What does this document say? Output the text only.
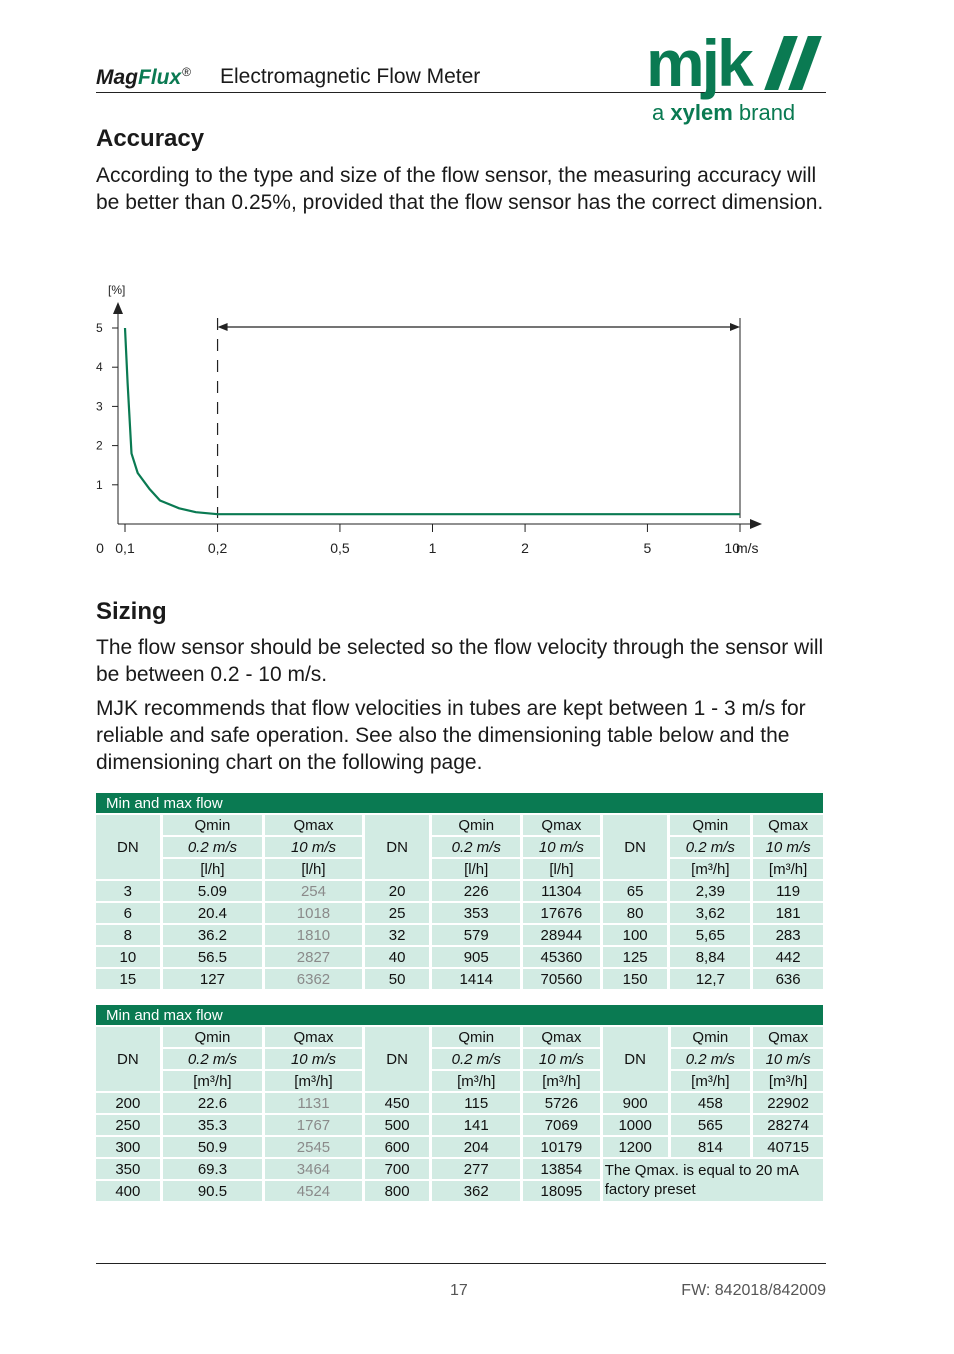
MagFlux® Electromagnetic Flow Meter	mjk
a xylem brand
Accuracy

According to the type and size of the flow sensor, the measuring accuracy will be better than 0.25%, provided that the flow sensor has the correct dimension.

[%]
m/s
1
2
3
4
5
0 0,1	0,2	0,5	1	2	5	10
Sizing

The flow sensor should be selected so the flow velocity through the sensor will be between 0.2 - 10 m/s.

MJK recommends that flow velocities in tubes are kept between 1 - 3 m/s for reliable and safe operation. See also the dimensioning table below and the dimensioning chart on the following page.

Min and max flow								
DN	Qmin	Qmax	DN	Qmin	Qmax	DN	Qmin	Qmax
	0.2 m/s	10 m/s		0.2 m/s	10 m/s		0.2 m/s	10 m/s
	[l/h]	[l/h]		[l/h]	[l/h]		[m³/h]	[m³/h]
3	5.09	254	20	226	11304	65	2,39	119
6	20.4	1018	25	353	17676	80	3,62	181
8	36.2	1810	32	579	28944	100	5,65	283
10	56.5	2827	40	905	45360	125	8,84	442
15	127	6362	50	1414	70560	150	12,7	636
Min and max flow								
DN	Qmin	Qmax	DN	Qmin	Qmax	DN	Qmin	Qmax
	0.2 m/s	10 m/s		0.2 m/s	10 m/s		0.2 m/s	10 m/s
	[m³/h]	[m³/h]		[m³/h]	[m³/h]		[m³/h]	[m³/h]
200	22.6	1131	450	115	5726	900	458	22902
250	35.3	1767	500	141	7069	1000	565	28274
300	50.9	2545	600	204	10179	1200	814	40715
350	69.3	3464	700	277	13854	The Qmax. is equal to 20 mA factory preset		
400	90.5	4524	800	362	18095			
17	FW: 842018/842009
